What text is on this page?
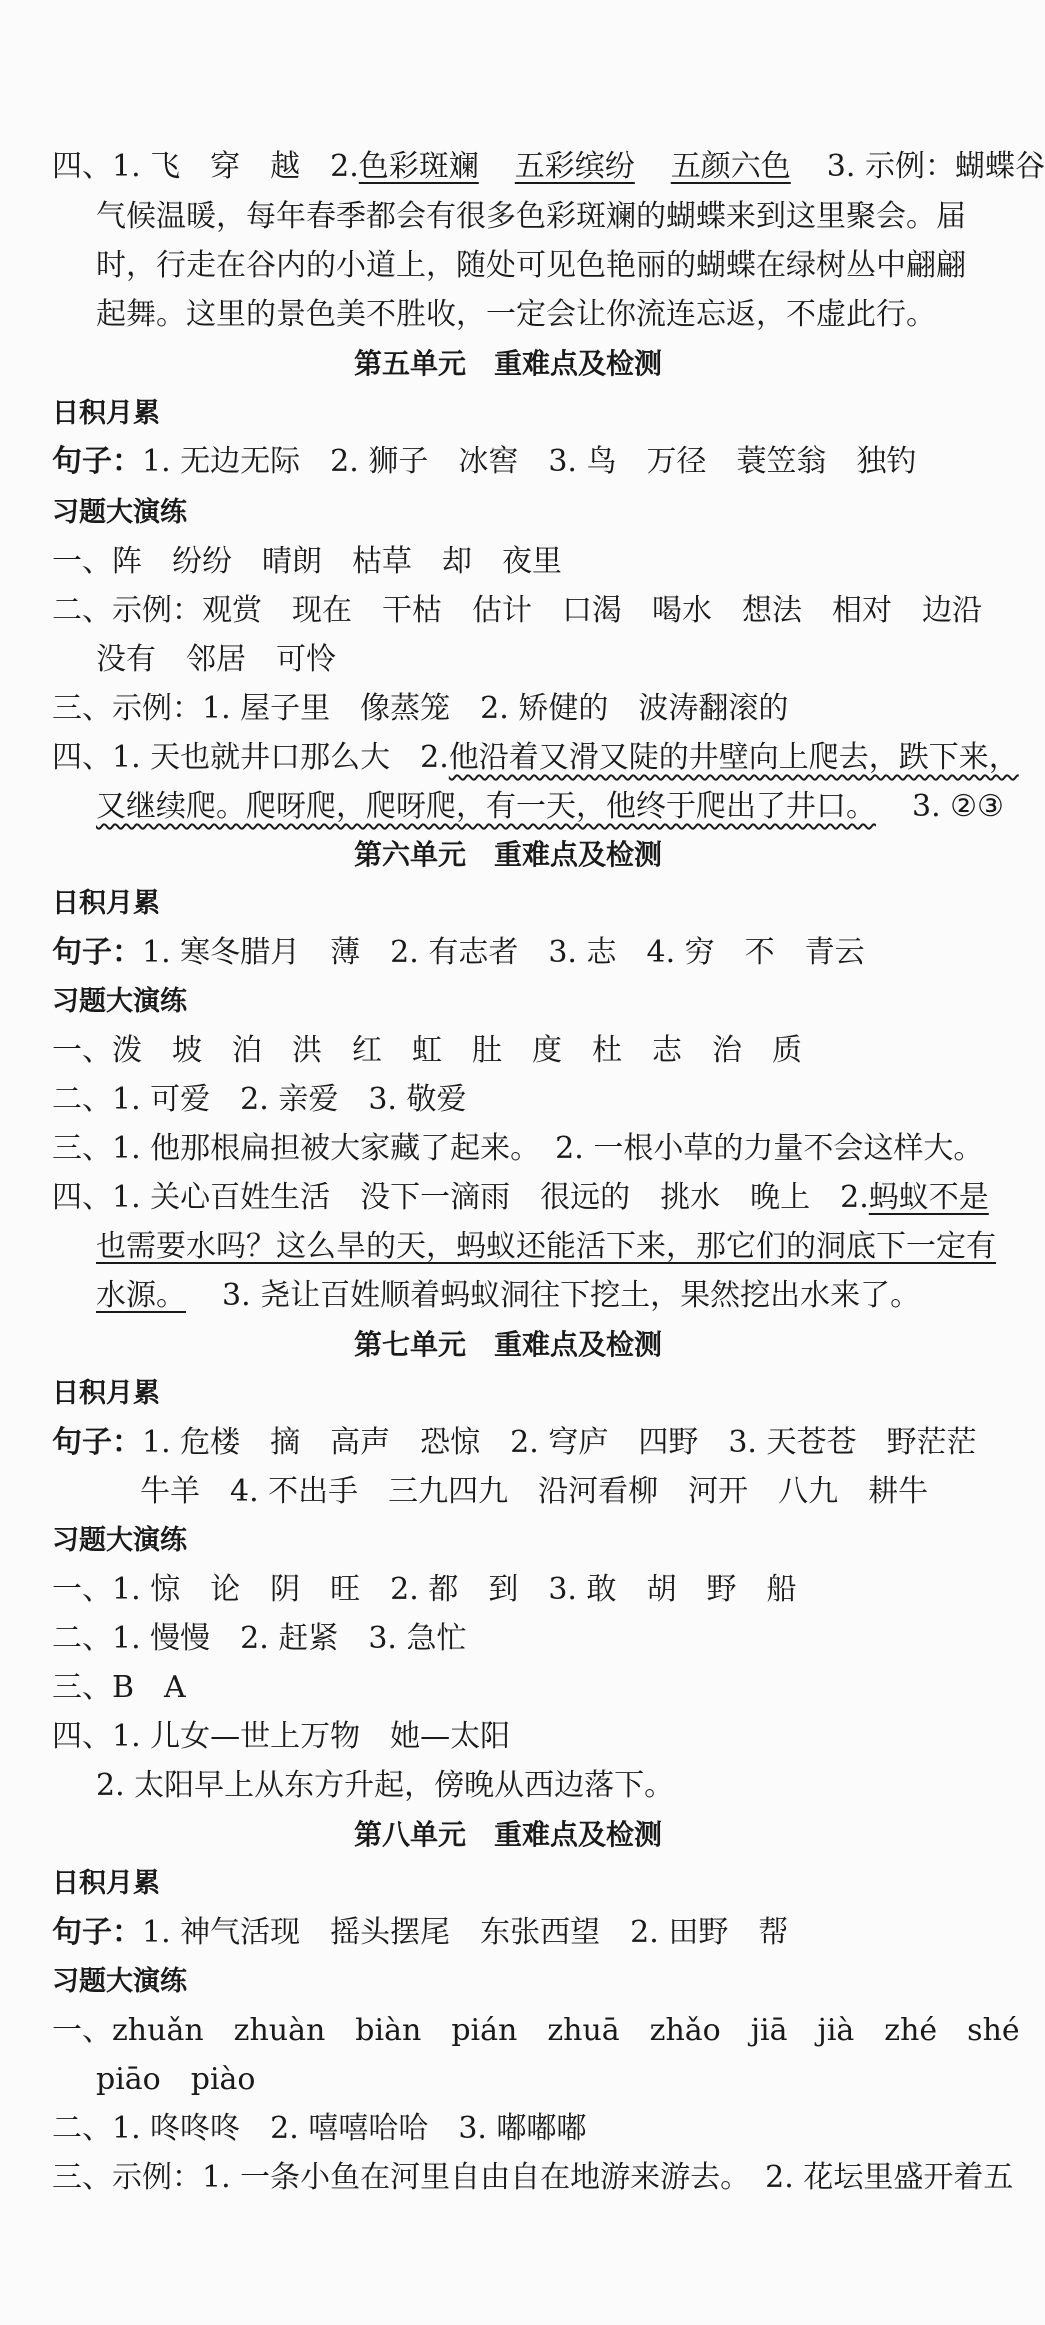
四、1. 飞　穿　越　2.色彩斑斓 五彩缤纷 五颜六色 3. 示例：蝴蝶谷
气候温暖，每年春季都会有很多色彩斑斓的蝴蝶来到这里聚会。届
时，行走在谷内的小道上，随处可见色艳丽的蝴蝶在绿树丛中翩翩
起舞。这里的景色美不胜收，一定会让你流连忘返，不虚此行。
第五单元　重难点及检测
日积月累
句子：1. 无边无际　2. 狮子　冰窖　3. 鸟　万径　蓑笠翁　独钓
习题大演练
一、阵　纷纷　晴朗　枯草　却　夜里
二、示例：观赏　现在　干枯　估计　口渴　喝水　想法　相对　边沿
没有　邻居　可怜
三、示例：1. 屋子里　像蒸笼　2. 矫健的　波涛翻滚的
四、1. 天也就井口那么大　2.他沿着又滑又陡的井壁向上爬去，跌下来，
又继续爬。爬呀爬，爬呀爬，有一天，他终于爬出了井口。 3. ②③
第六单元　重难点及检测
日积月累
句子：1. 寒冬腊月　薄　2. 有志者　3. 志　4. 穷　不　青云
习题大演练
一、泼　坡　泊　洪　红　虹　肚　度　杜　志　治　质
二、1. 可爱　2. 亲爱　3. 敬爱
三、1. 他那根扁担被大家藏了起来。　2. 一根小草的力量不会这样大。
四、1. 关心百姓生活　没下一滴雨　很远的　挑水　晚上　2.蚂蚁不是
也需要水吗？这么旱的天，蚂蚁还能活下来，那它们的洞底下一定有
水源。 3. 尧让百姓顺着蚂蚁洞往下挖土，果然挖出水来了。
第七单元　重难点及检测
日积月累
句子：1. 危楼　摘　高声　恐惊　2. 穹庐　四野　3. 天苍苍　野茫茫
牛羊　4. 不出手　三九四九　沿河看柳　河开　八九　耕牛
习题大演练
一、1. 惊　论　阴　旺　2. 都　到　3. 敢　胡　野　船
二、1. 慢慢　2. 赶紧　3. 急忙
三、B　A
四、1. 儿女—世上万物　她—太阳
2. 太阳早上从东方升起，傍晚从西边落下。
第八单元　重难点及检测
日积月累
句子：1. 神气活现　摇头摆尾　东张西望　2. 田野　帮
习题大演练
一、zhuǎn　zhuàn　biàn　pián　zhuā　zhǎo　jiā　jià　zhé　shé
piāo　piào
二、1. 咚咚咚　2. 嘻嘻哈哈　3. 嘟嘟嘟
三、示例：1. 一条小鱼在河里自由自在地游来游去。　2. 花坛里盛开着五
